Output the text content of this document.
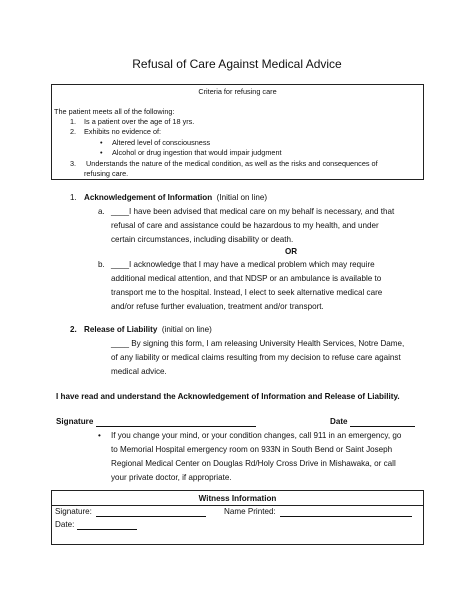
Refusal of Care Against Medical Advice
Criteria for refusing care
The patient meets all of the following:
1. Is a patient over the age of 18 yrs.
2. Exhibits no evidence of:
• Altered level of consciousness
• Alcohol or drug ingestion that would impair judgment
3. Understands the nature of the medical condition, as well as the risks and consequences of
refusing care.
1. Acknowledgement of Information (Initial on line)
a. ____I have been advised that medical care on my behalf is necessary, and that
refusal of care and assistance could be hazardous to my health, and under
certain circumstances, including disability or death.
OR
b. ____I acknowledge that I may have a medical problem which may require
additional medical attention, and that NDSP or an ambulance is available to
transport me to the hospital. Instead, I elect to seek alternative medical care
and/or refuse further evaluation, treatment and/or transport.
2. Release of Liability (initial on line)
____ By signing this form, I am releasing University Health Services, Notre Dame,
of any liability or medical claims resulting from my decision to refuse care against
medical advice.
I have read and understand the Acknowledgement of Information and Release of Liability.
Signature	Date
• If you change your mind, or your condition changes, call 911 in an emergency, go
to Memorial Hospital emergency room on 933N in South Bend or Saint Joseph
Regional Medical Center on Douglas Rd/Holy Cross Drive in Mishawaka, or call
your private doctor, if appropriate.
Witness Information
Signature:	Name Printed:
Date:
